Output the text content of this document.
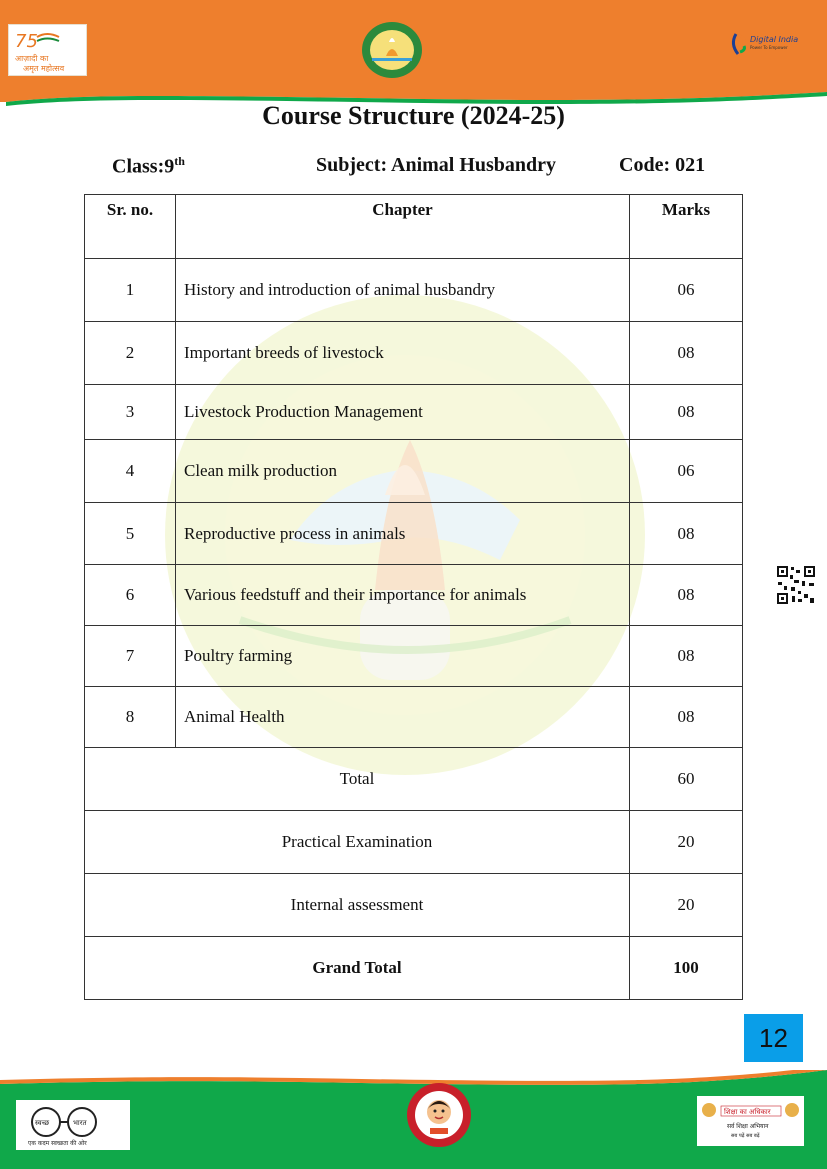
75
आज़ादी का
अमृत महोत्सव
Digital India
Power To Empower
Course Structure (2024-25)
Class:9th	Subject: Animal Husbandry	Code: 021
Sr. no.	Chapter	Marks
1	History and introduction of animal husbandry	06
2	Important breeds of livestock	08
3	Livestock Production Management	08
4	Clean milk production	06
5	Reproductive process in animals	08
6	Various feedstuff and their importance for animals	08
7	Poultry farming	08
8	Animal Health	08
Total		60
Practical Examination		20
Internal assessment		20
Grand Total		100
12
स्वच्छ	भारत
एक कदम स्वच्छता की ओर
शिक्षा का अधिकार
सर्व शिक्षा अभियान
सब पढ़ें सब बढ़ें
